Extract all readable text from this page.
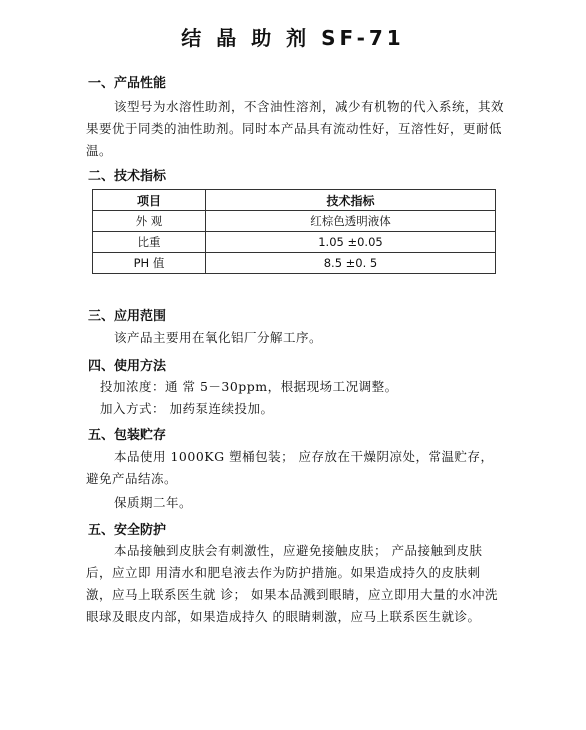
结 晶 助 剂 SF-71
一、产品性能
该型号为水溶性助剂，不含油性溶剂，减少有机物的代入系统，其效果要优于同类的油性助剂。同时本产品具有流动性好，互溶性好，更耐低温。
二、技术指标
项目	技术指标
外 观	红棕色透明液体
比重	1.05 ±0.05
PH 值	8.5 ±0. 5
三、应用范围
该产品主要用在氧化铝厂分解工序。
四、使用方法
投加浓度：通 常 5－30ppm，根据现场工况调整。
加入方式： 加药泵连续投加。
五、包装贮存
本品使用 1000KG 塑桶包装； 应存放在干燥阴凉处，常温贮存，避免产品结冻。
保质期二年。
五、安全防护
本品接触到皮肤会有刺激性，应避免接触皮肤； 产品接触到皮肤后，应立即 用清水和肥皂液去作为防护措施。如果造成持久的皮肤刺激，应马上联系医生就 诊； 如果本品溅到眼睛，应立即用大量的水冲洗眼球及眼皮内部，如果造成持久 的眼睛刺激，应马上联系医生就诊。
